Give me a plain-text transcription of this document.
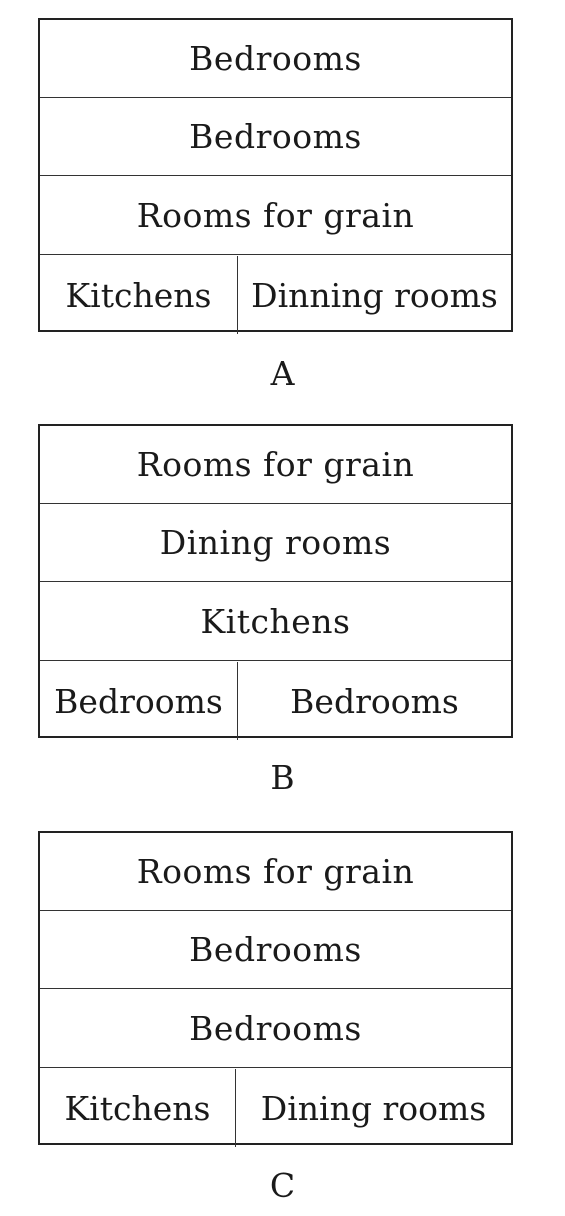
Bedrooms
Bedrooms
Rooms for grain
Kitchens	Dinning rooms
A
Rooms for grain
Dining rooms
Kitchens
Bedrooms	Bedrooms
B
Rooms for grain
Bedrooms
Bedrooms
Kitchens	Dining rooms
C
